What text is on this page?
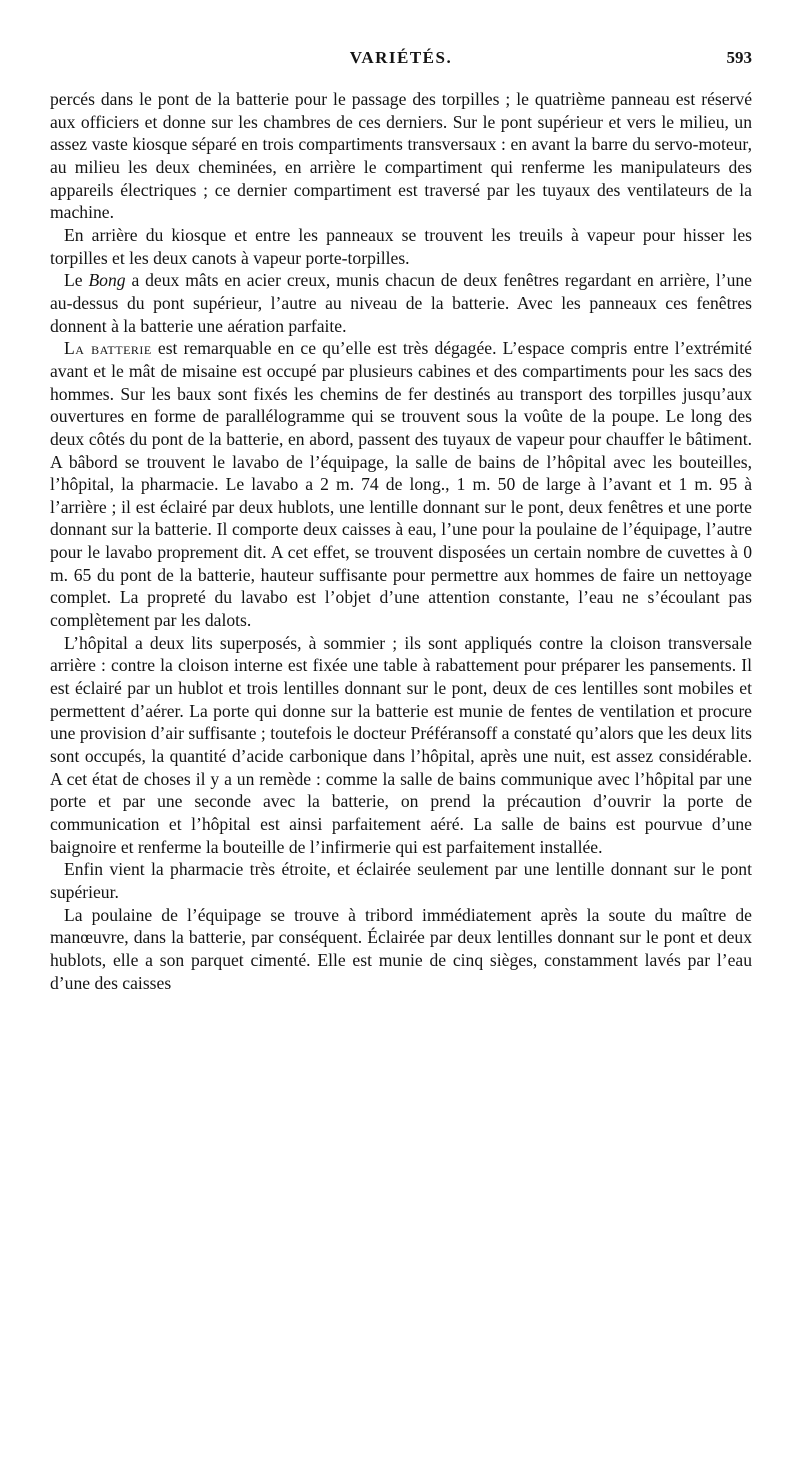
VARIÉTÉS.	593

percés dans le pont de la batterie pour le passage des torpilles ; le quatrième panneau est réservé aux officiers et donne sur les chambres de ces derniers. Sur le pont supérieur et vers le milieu, un assez vaste kiosque séparé en trois compartiments transversaux : en avant la barre du servo-moteur, au milieu les deux cheminées, en arrière le compartiment qui renferme les manipulateurs des appareils électriques ; ce dernier compartiment est traversé par les tuyaux des ventilateurs de la machine.

En arrière du kiosque et entre les panneaux se trouvent les treuils à vapeur pour hisser les torpilles et les deux canots à vapeur porte-torpilles.

Le Bong a deux mâts en acier creux, munis chacun de deux fenêtres regardant en arrière, l’une au-dessus du pont supérieur, l’autre au niveau de la batterie. Avec les panneaux ces fenêtres donnent à la batterie une aération parfaite.

La batterie est remarquable en ce qu’elle est très dégagée. L’espace compris entre l’extrémité avant et le mât de misaine est occupé par plusieurs cabines et des compartiments pour les sacs des hommes. Sur les baux sont fixés les chemins de fer destinés au transport des torpilles jusqu’aux ouvertures en forme de parallélogramme qui se trouvent sous la voûte de la poupe. Le long des deux côtés du pont de la batterie, en abord, passent des tuyaux de vapeur pour chauffer le bâtiment. A bâbord se trouvent le lavabo de l’équipage, la salle de bains de l’hôpital avec les bouteilles, l’hôpital, la pharmacie. Le lavabo a 2 m. 74 de long., 1 m. 50 de large à l’avant et 1 m. 95 à l’arrière ; il est éclairé par deux hublots, une lentille donnant sur le pont, deux fenêtres et une porte donnant sur la batterie. Il comporte deux caisses à eau, l’une pour la poulaine de l’équipage, l’autre pour le lavabo proprement dit. A cet effet, se trouvent disposées un certain nombre de cuvettes à 0 m. 65 du pont de la batterie, hauteur suffisante pour permettre aux hommes de faire un nettoyage complet. La propreté du lavabo est l’objet d’une attention constante, l’eau ne s’écoulant pas complètement par les dalots.

L’hôpital a deux lits superposés, à sommier ; ils sont appliqués contre la cloison transversale arrière : contre la cloison interne est fixée une table à rabattement pour préparer les pansements. Il est éclairé par un hublot et trois lentilles donnant sur le pont, deux de ces lentilles sont mobiles et permettent d’aérer. La porte qui donne sur la batterie est munie de fentes de ventilation et procure une provision d’air suffisante ; toutefois le docteur Préféransoff a constaté qu’alors que les deux lits sont occupés, la quantité d’acide carbonique dans l’hôpital, après une nuit, est assez considérable. A cet état de choses il y a un remède : comme la salle de bains communique avec l’hôpital par une porte et par une seconde avec la batterie, on prend la précaution d’ouvrir la porte de communication et l’hôpital est ainsi parfaitement aéré. La salle de bains est pourvue d’une baignoire et renferme la bouteille de l’infirmerie qui est parfaitement installée.

Enfin vient la pharmacie très étroite, et éclairée seulement par une lentille donnant sur le pont supérieur.

La poulaine de l’équipage se trouve à tribord immédiatement après la soute du maître de manœuvre, dans la batterie, par conséquent. Éclairée par deux lentilles donnant sur le pont et deux hublots, elle a son parquet cimenté. Elle est munie de cinq sièges, constamment lavés par l’eau d’une des caisses
